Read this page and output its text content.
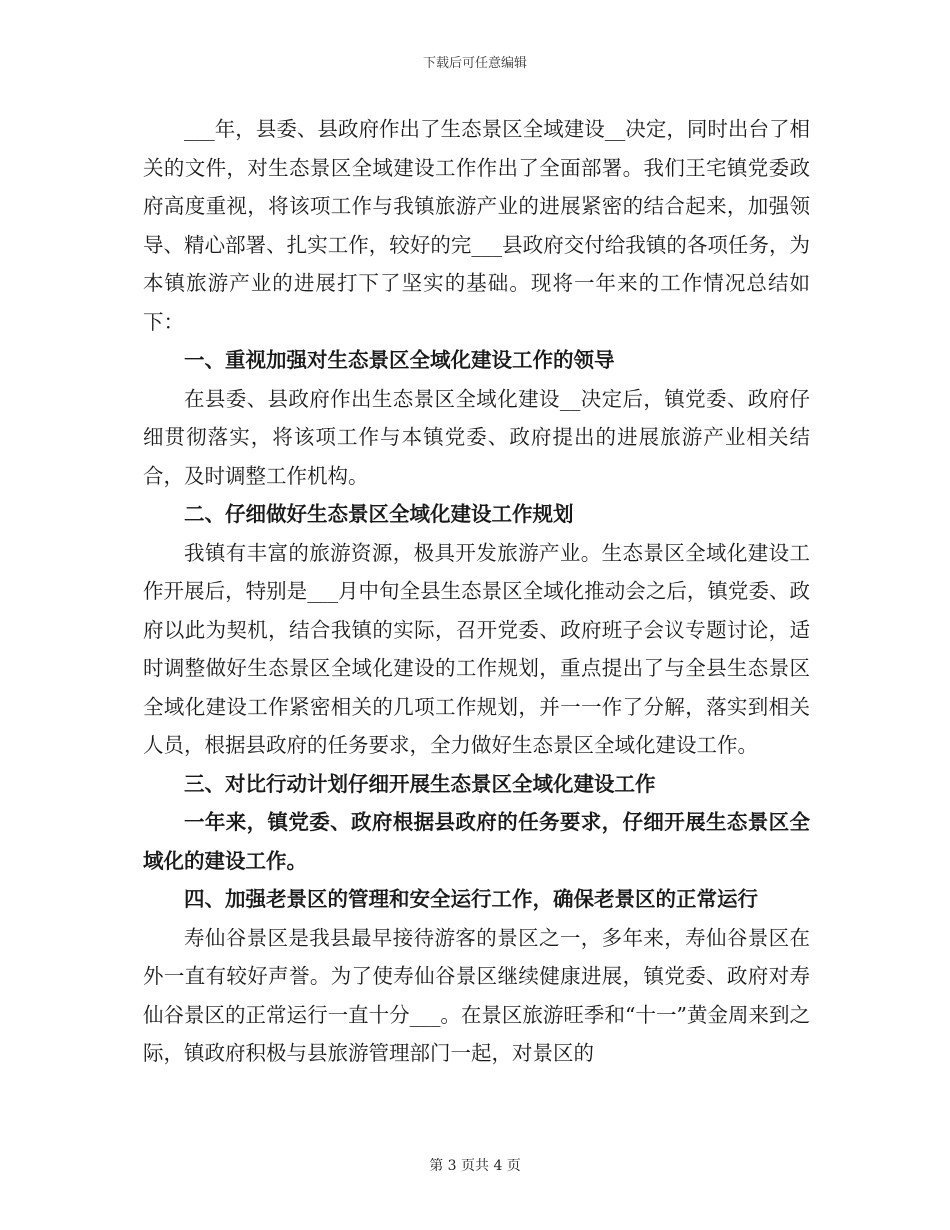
下载后可任意编辑

___年，县委、县政府作出了生态景区全域建设__决定，同时出台了相关的文件，对生态景区全域建设工作作出了全面部署。我们王宅镇党委政府高度重视，将该项工作与我镇旅游产业的进展紧密的结合起来，加强领导、精心部署、扎实工作，较好的完___县政府交付给我镇的各项任务，为本镇旅游产业的进展打下了坚实的基础。现将一年来的工作情况总结如下：

一、重视加强对生态景区全域化建设工作的领导

在县委、县政府作出生态景区全域化建设__决定后，镇党委、政府仔细贯彻落实，将该项工作与本镇党委、政府提出的进展旅游产业相关结合，及时调整工作机构。

二、仔细做好生态景区全域化建设工作规划

我镇有丰富的旅游资源，极具开发旅游产业。生态景区全域化建设工作开展后，特别是___月中旬全县生态景区全域化推动会之后，镇党委、政府以此为契机，结合我镇的实际，召开党委、政府班子会议专题讨论，适时调整做好生态景区全域化建设的工作规划，重点提出了与全县生态景区全域化建设工作紧密相关的几项工作规划，并一一作了分解，落实到相关人员，根据县政府的任务要求，全力做好生态景区全域化建设工作。

三、对比行动计划仔细开展生态景区全域化建设工作

一年来，镇党委、政府根据县政府的任务要求，仔细开展生态景区全域化的建设工作。

四、加强老景区的管理和安全运行工作，确保老景区的正常运行

寿仙谷景区是我县最早接待游客的景区之一，多年来，寿仙谷景区在外一直有较好声誉。为了使寿仙谷景区继续健康进展，镇党委、政府对寿仙谷景区的正常运行一直十分___。在景区旅游旺季和“十一”黄金周来到之际，镇政府积极与县旅游管理部门一起，对景区的

第 3 页共 4 页
